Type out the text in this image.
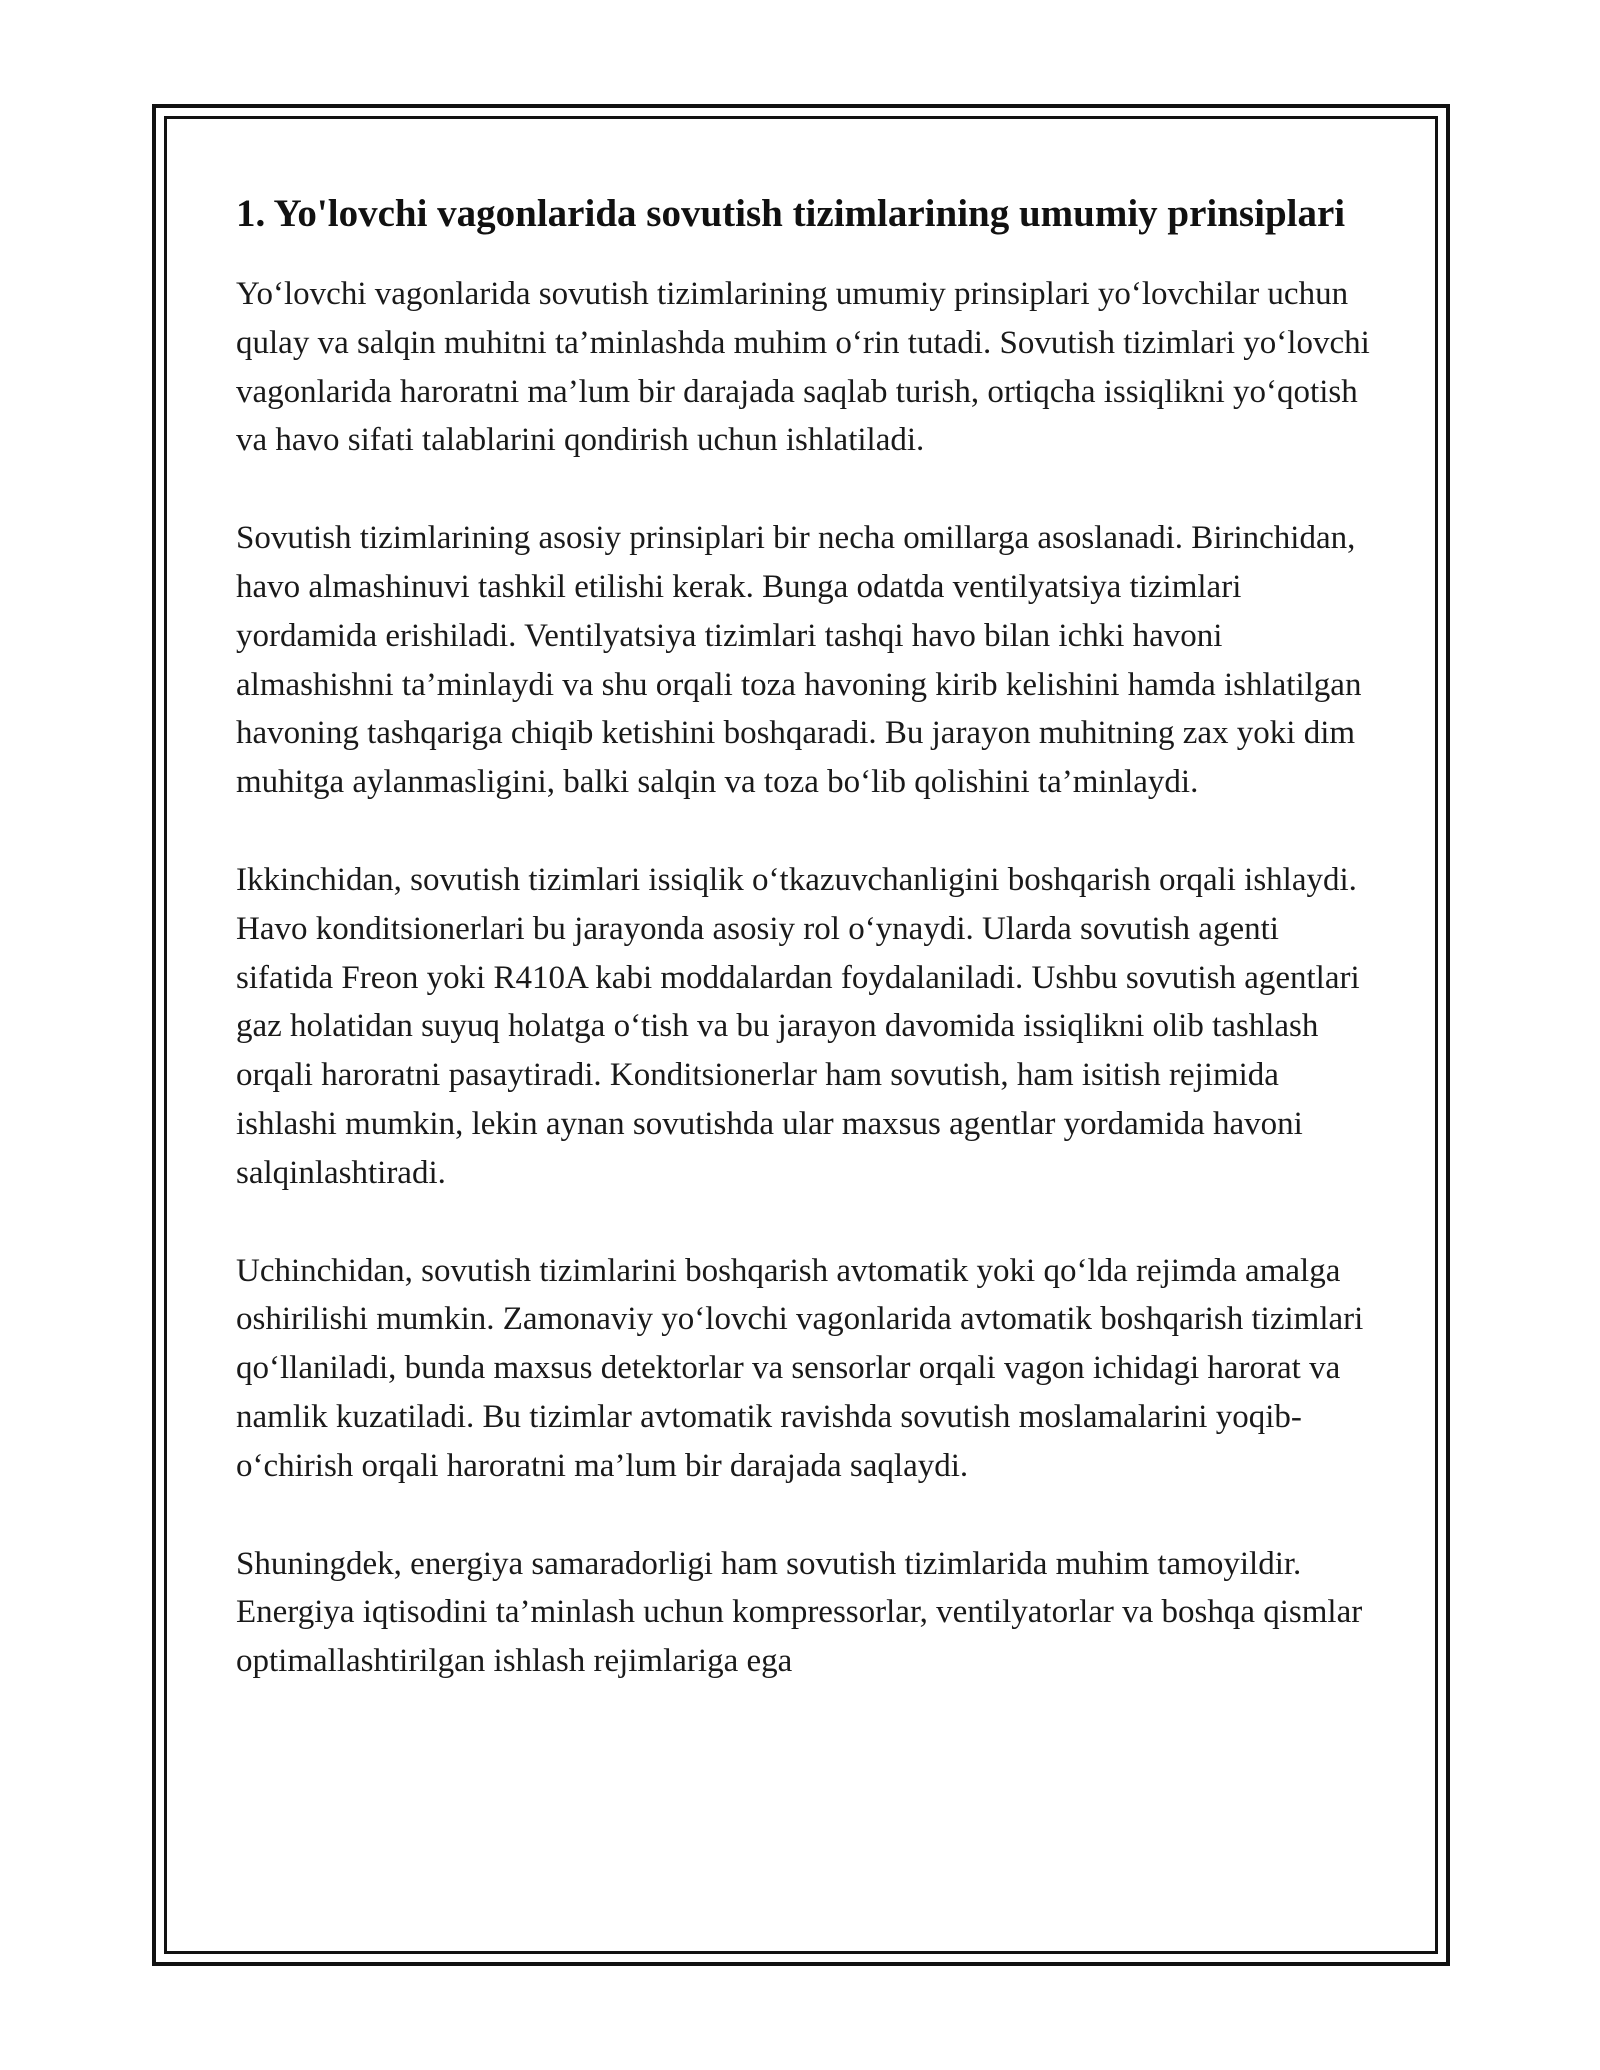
1. Yo'lovchi vagonlarida sovutish tizimlarining umumiy prinsiplari

Yo‘lovchi vagonlarida sovutish tizimlarining umumiy prinsiplari yo‘lovchilar uchun qulay va salqin muhitni ta’minlashda muhim o‘rin tutadi. Sovutish tizimlari yo‘lovchi vagonlarida haroratni ma’lum bir darajada saqlab turish, ortiqcha issiqlikni yo‘qotish va havo sifati talablarini qondirish uchun ishlatiladi.

Sovutish tizimlarining asosiy prinsiplari bir necha omillarga asoslanadi. Birinchidan, havo almashinuvi tashkil etilishi kerak. Bunga odatda ventilyatsiya tizimlari yordamida erishiladi. Ventilyatsiya tizimlari tashqi havo bilan ichki havoni almashishni ta’minlaydi va shu orqali toza havoning kirib kelishini hamda ishlatilgan havoning tashqariga chiqib ketishini boshqaradi. Bu jarayon muhitning zax yoki dim muhitga aylanmasligini, balki salqin va toza bo‘lib qolishini ta’minlaydi.

Ikkinchidan, sovutish tizimlari issiqlik o‘tkazuvchanligini boshqarish orqali ishlaydi. Havo konditsionerlari bu jarayonda asosiy rol o‘ynaydi. Ularda sovutish agenti sifatida Freon yoki R410A kabi moddalardan foydalaniladi. Ushbu sovutish agentlari gaz holatidan suyuq holatga o‘tish va bu jarayon davomida issiqlikni olib tashlash orqali haroratni pasaytiradi. Konditsionerlar ham sovutish, ham isitish rejimida ishlashi mumkin, lekin aynan sovutishda ular maxsus agentlar yordamida havoni salqinlashtiradi.

Uchinchidan, sovutish tizimlarini boshqarish avtomatik yoki qo‘lda rejimda amalga oshirilishi mumkin. Zamonaviy yo‘lovchi vagonlarida avtomatik boshqarish tizimlari qo‘llaniladi, bunda maxsus detektorlar va sensorlar orqali vagon ichidagi harorat va namlik kuzatiladi. Bu tizimlar avtomatik ravishda sovutish moslamalarini yoqib-o‘chirish orqali haroratni ma’lum bir darajada saqlaydi.

Shuningdek, energiya samaradorligi ham sovutish tizimlarida muhim tamoyildir. Energiya iqtisodini ta’minlash uchun kompressorlar, ventilyatorlar va boshqa qismlar optimallashtirilgan ishlash rejimlariga ega
